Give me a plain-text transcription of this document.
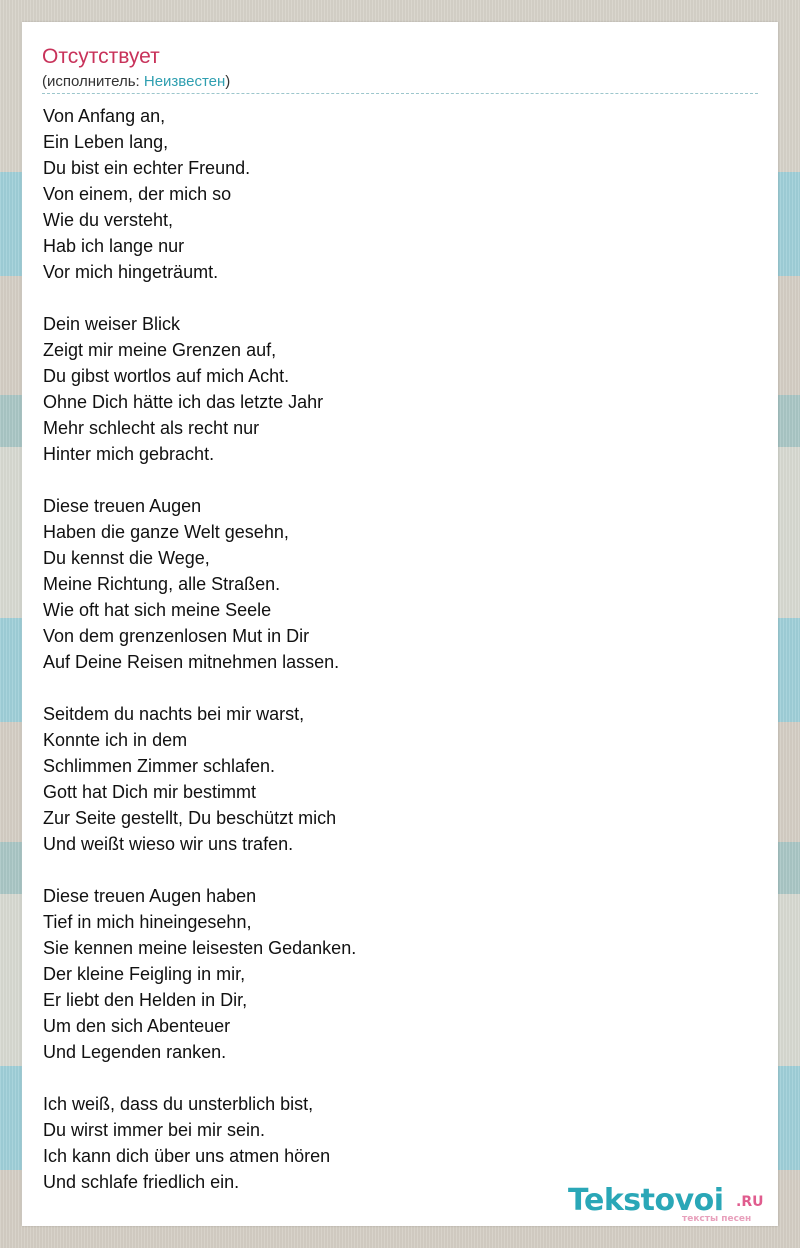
Отсутствует
(исполнитель: Неизвестен)
Von Anfang an,
Ein Leben lang,
Du bist ein echter Freund.
Von einem, der mich so
Wie du versteht,
Hab ich lange nur
Vor mich hingeträumt.
Dein weiser Blick
Zeigt mir meine Grenzen auf,
Du gibst wortlos auf mich Acht.
Ohne Dich hätte ich das letzte Jahr
Mehr schlecht als recht nur
Hinter mich gebracht.
Diese treuen Augen
Haben die ganze Welt gesehn,
Du kennst die Wege,
Meine Richtung, alle Straßen.
Wie oft hat sich meine Seele
Von dem grenzenlosen Mut in Dir
Auf Deine Reisen mitnehmen lassen.
Seitdem du nachts bei mir warst,
Konnte ich in dem
Schlimmen Zimmer schlafen.
Gott hat Dich mir bestimmt
Zur Seite gestellt, Du beschützt mich
Und weißt wieso wir uns trafen.
Diese treuen Augen haben
Tief in mich hineingesehn,
Sie kennen meine leisesten Gedanken.
Der kleine Feigling in mir,
Er liebt den Helden in Dir,
Um den sich Abenteuer
Und Legenden ranken.
Ich weiß, dass du unsterblich bist,
Du wirst immer bei mir sein.
Ich kann dich über uns atmen hören
Und schlafe friedlich ein.
Tekstovoi .RU
тексты песен
